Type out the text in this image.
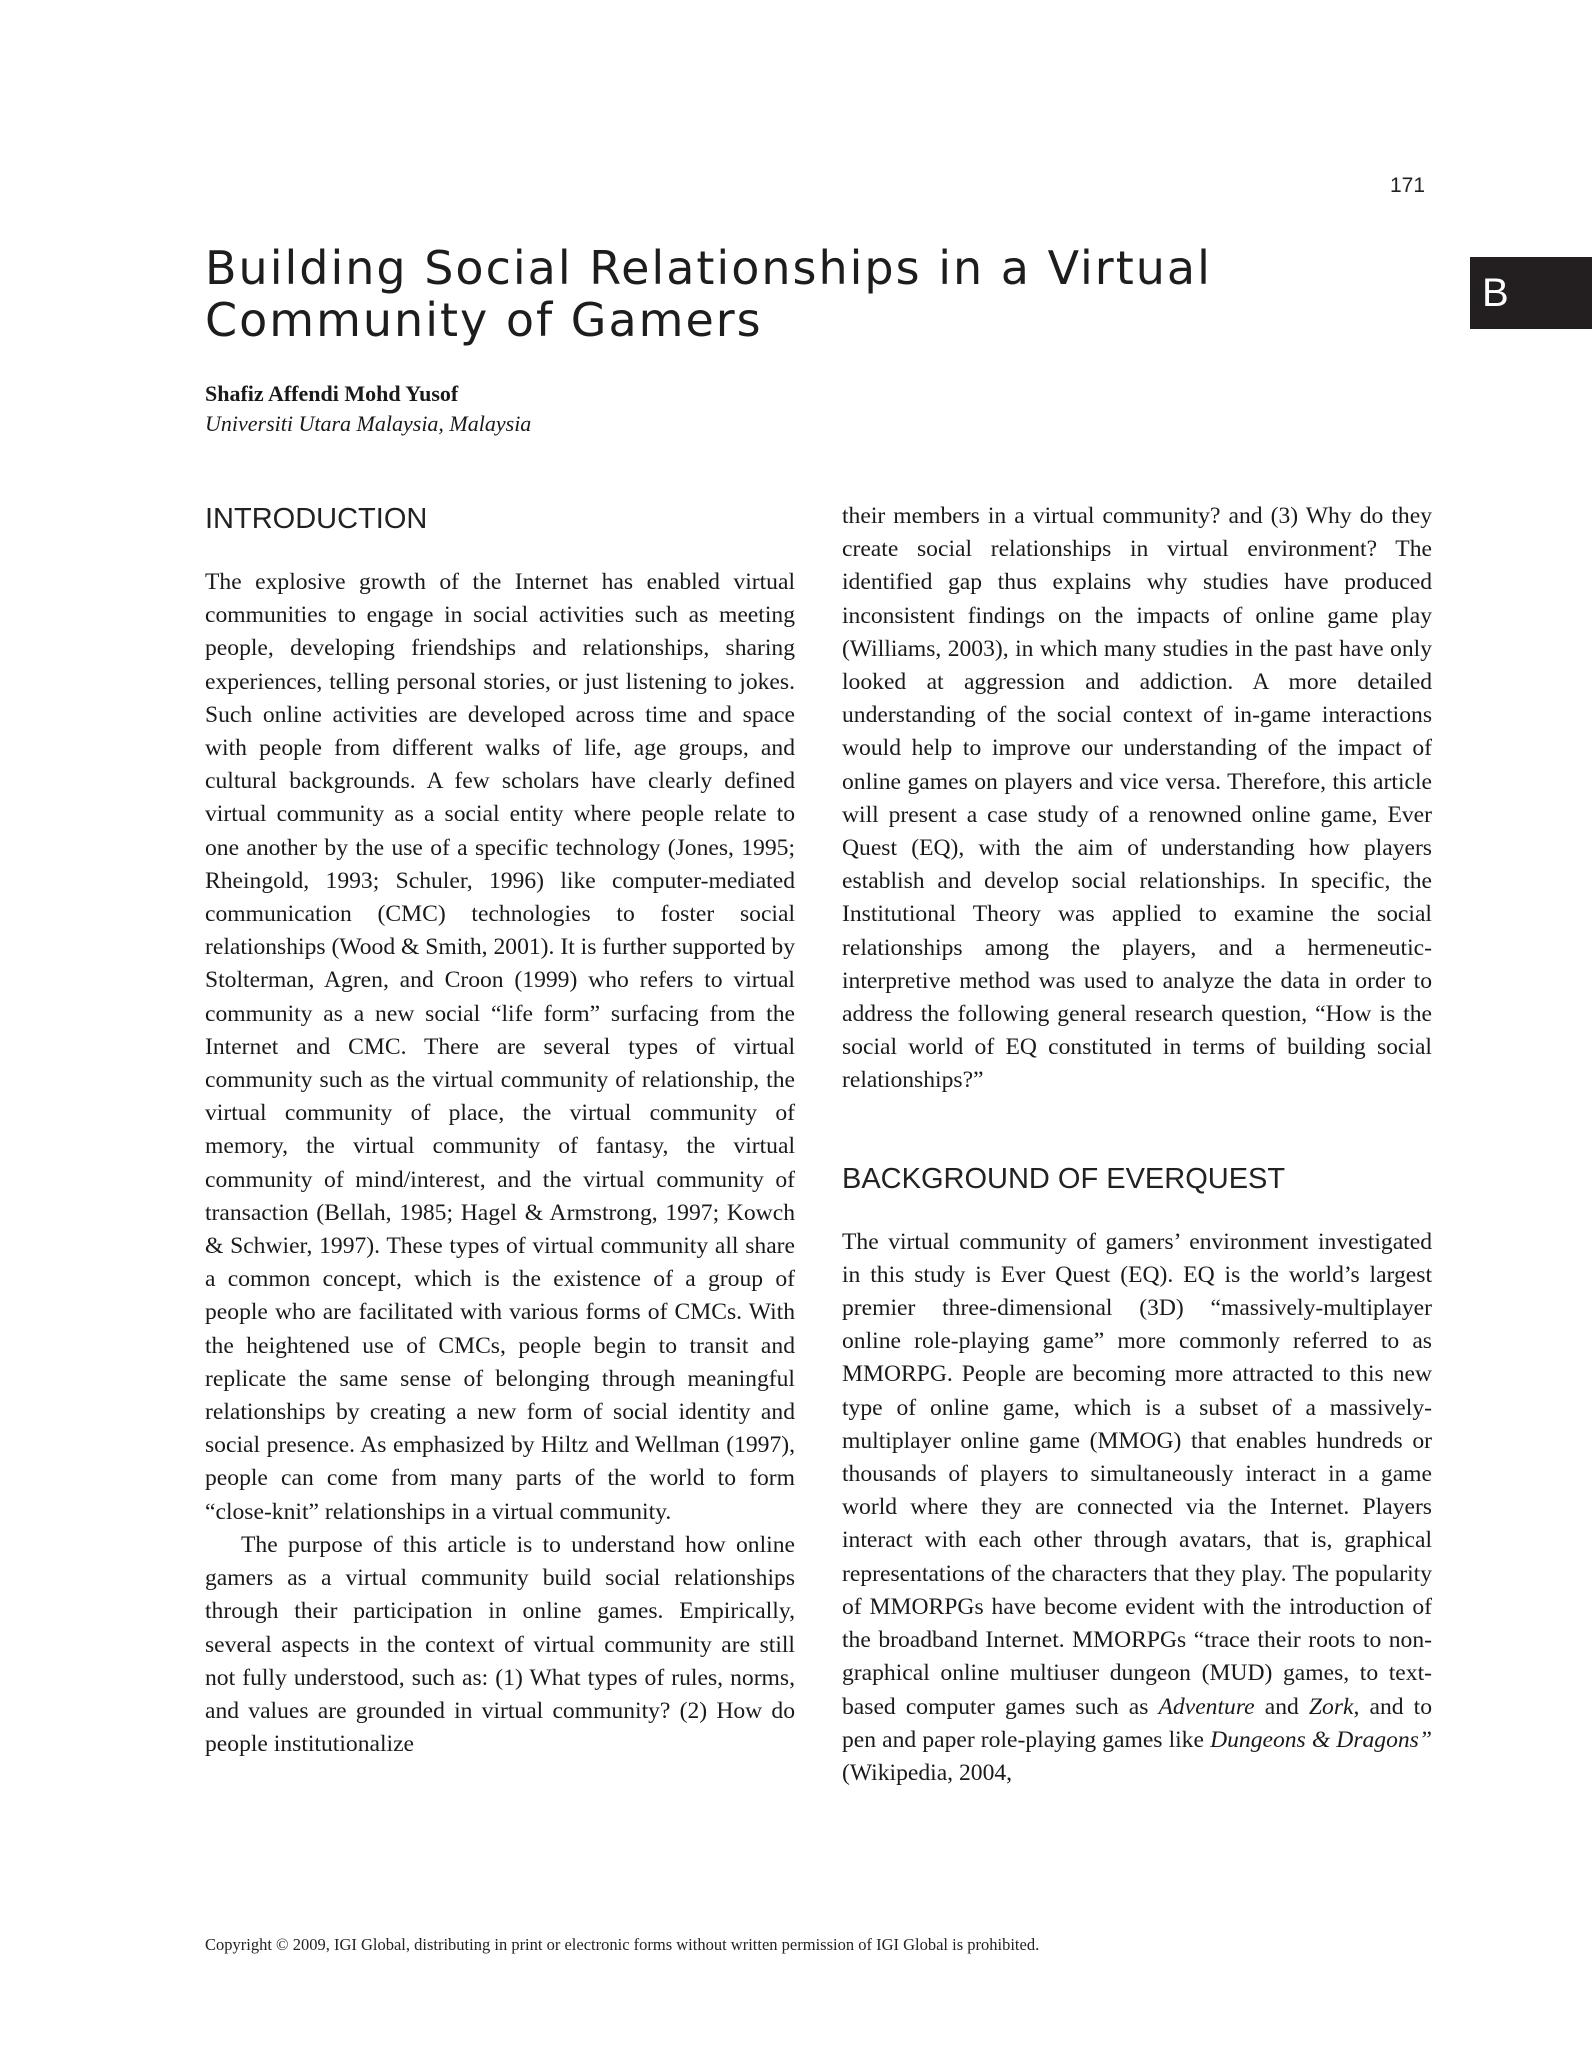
171
B
Building Social Relationships in a Virtual Community of Gamers
Shafiz Affendi Mohd Yusof
Universiti Utara Malaysia, Malaysia
INTRODUCTION

The explosive growth of the Internet has enabled virtual communities to engage in social activities such as meeting people, developing friendships and relationships, sharing experiences, telling personal stories, or just listening to jokes. Such online activities are developed across time and space with people from different walks of life, age groups, and cultural backgrounds. A few scholars have clearly defined virtual community as a social entity where people relate to one another by the use of a specific technology (Jones, 1995; Rheingold, 1993; Schuler, 1996) like computer-mediated communication (CMC) technologies to foster social relationships (Wood & Smith, 2001). It is further supported by Stolterman, Agren, and Croon (1999) who refers to virtual community as a new social “life form” surfacing from the Internet and CMC. There are several types of virtual community such as the virtual community of relationship, the virtual community of place, the virtual community of memory, the virtual community of fantasy, the virtual community of mind/interest, and the virtual community of transaction (Bellah, 1985; Hagel & Armstrong, 1997; Kowch & Schwier, 1997). These types of virtual community all share a common concept, which is the existence of a group of people who are facilitated with various forms of CMCs. With the heightened use of CMCs, people begin to transit and replicate the same sense of belonging through meaningful relationships by creating a new form of social identity and social presence. As emphasized by Hiltz and Wellman (1997), people can come from many parts of the world to form “close-knit” relationships in a virtual community.

The purpose of this article is to understand how online gamers as a virtual community build social relationships through their participation in online games. Empirically, several aspects in the context of virtual community are still not fully understood, such as: (1) What types of rules, norms, and values are grounded in virtual community? (2) How do people institutionalize

their members in a virtual community? and (3) Why do they create social relationships in virtual environment? The identified gap thus explains why studies have produced inconsistent findings on the impacts of online game play (Williams, 2003), in which many studies in the past have only looked at aggression and addiction. A more detailed understanding of the social context of in-game interactions would help to improve our understanding of the impact of online games on players and vice versa. Therefore, this article will present a case study of a renowned online game, Ever Quest (EQ), with the aim of understanding how players establish and develop social relationships. In specific, the Institutional Theory was applied to examine the social relationships among the players, and a hermeneutic-interpretive method was used to analyze the data in order to address the following general research question, “How is the social world of EQ constituted in terms of building social relationships?”

BACKGROUND OF EVERQUEST

The virtual community of gamers’ environment investigated in this study is Ever Quest (EQ). EQ is the world’s largest premier three-dimensional (3D) “massively-multiplayer online role-playing game” more commonly referred to as MMORPG. People are becoming more attracted to this new type of online game, which is a subset of a massively-multiplayer online game (MMOG) that enables hundreds or thousands of players to simultaneously interact in a game world where they are connected via the Internet. Players interact with each other through avatars, that is, graphical representations of the characters that they play. The popularity of MMORPGs have become evident with the introduction of the broadband Internet. MMORPGs “trace their roots to non-graphical online multiuser dungeon (MUD) games, to text-based computer games such as Adventure and Zork, and to pen and paper role-playing games like Dungeons & Dragons” (Wikipedia, 2004,

Copyright © 2009, IGI Global, distributing in print or electronic forms without written permission of IGI Global is prohibited.
